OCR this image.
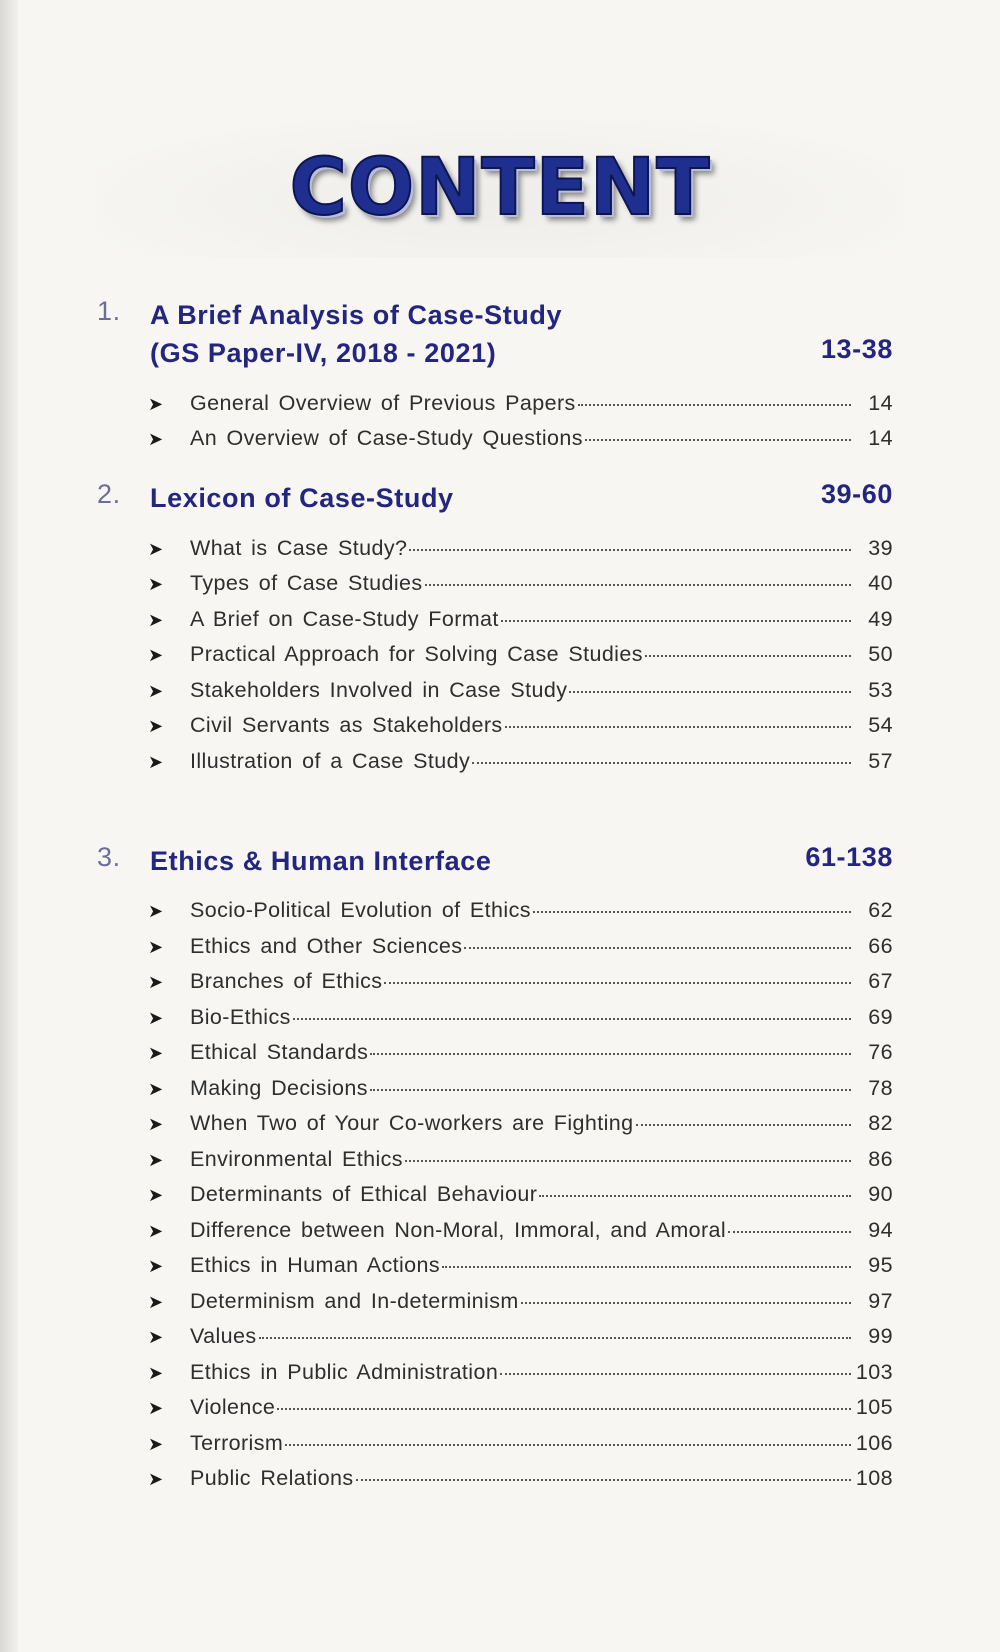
CONTENT
1.	A Brief Analysis of Case-Study
(GS Paper-IV, 2018 - 2021)	13-38
➤	General Overview of Previous Papers	14
➤	An Overview of Case-Study Questions	14
2.	Lexicon of Case-Study	39-60
➤	What is Case Study?	39
➤	Types of Case Studies	40
➤	A Brief on Case-Study Format	49
➤	Practical Approach for Solving Case Studies	50
➤	Stakeholders Involved in Case Study	53
➤	Civil Servants as Stakeholders	54
➤	Illustration of a Case Study	57
3.	Ethics & Human Interface	61-138
➤	Socio-Political Evolution of Ethics	62
➤	Ethics and Other Sciences	66
➤	Branches of Ethics	67
➤	Bio-Ethics	69
➤	Ethical Standards	76
➤	Making Decisions	78
➤	When Two of Your Co-workers are Fighting	82
➤	Environmental Ethics	86
➤	Determinants of Ethical Behaviour	90
➤	Difference between Non-Moral, Immoral, and Amoral	94
➤	Ethics in Human Actions	95
➤	Determinism and In-determinism	97
➤	Values	99
➤	Ethics in Public Administration	103
➤	Violence	105
➤	Terrorism	106
➤	Public Relations	108
